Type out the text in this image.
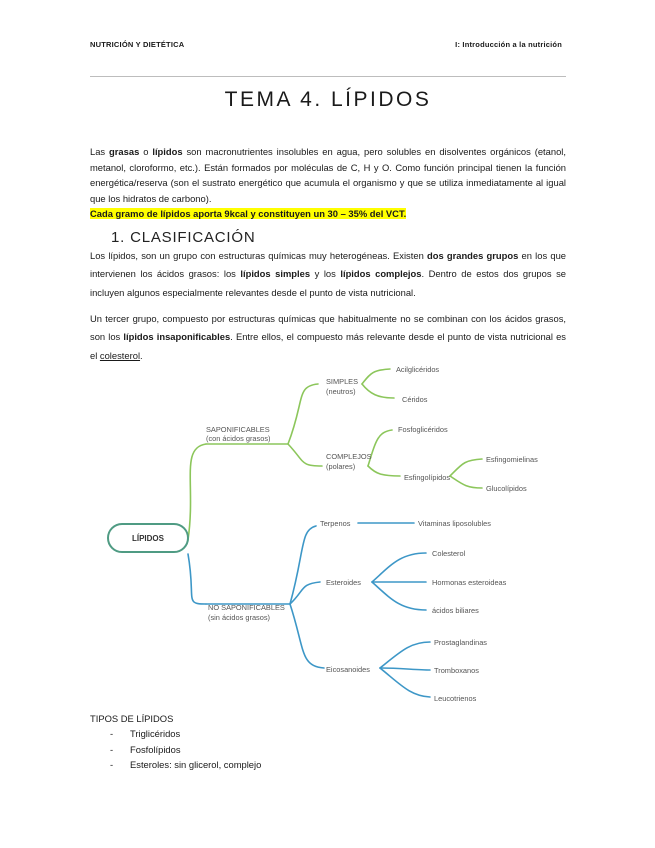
NUTRICIÓN Y DIETÉTICA	I: Introducción a la nutrición
TEMA 4. LÍPIDOS

Las grasas o lípidos son macronutrientes insolubles en agua, pero solubles en disolventes orgánicos (etanol, metanol, cloroformo, etc.). Están formados por moléculas de C, H y O. Como función principal tienen la función energética/reserva (son el sustrato energético que acumula el organismo y que se utiliza inmediatamente al igual que los hidratos de carbono).
Cada gramo de lípidos aporta 9kcal y constituyen un 30 – 35% del VCT.

1. CLASIFICACIÓN

Los lípidos, son un grupo con estructuras químicas muy heterogéneas. Existen dos grandes grupos en los que intervienen los ácidos grasos: los lípidos simples y los lípidos complejos. Dentro de estos dos grupos se incluyen algunos especialmente relevantes desde el punto de vista nutricional.

Un tercer grupo, compuesto por estructuras químicas que habitualmente no se combinan con los ácidos grasos, son los lípidos insaponificables. Entre ellos, el compuesto más relevante desde el punto de vista nutricional es el colesterol.

LÍPIDOS
SAPONIFICABLES
(con ácidos grasos)
NO SAPONIFICABLES
(sin ácidos grasos)
SIMPLES
(neutros)
Acilglicéridos
Céridos
COMPLEJOS
(polares)
Fosfoglicéridos
Esfingolípidos
Esfingomielinas
Glucolípidos
Terpenos	Vitaminas liposolubles
Esteroides
Colesterol
Hormonas esteroideas
ácidos biliares
Eicosanoides
Prostaglandinas
Tromboxanos
Leucotrienos
TIPOS DE LÍPIDOS
- Triglicéridos
- Fosfolípidos
- Esteroles: sin glicerol, complejo
